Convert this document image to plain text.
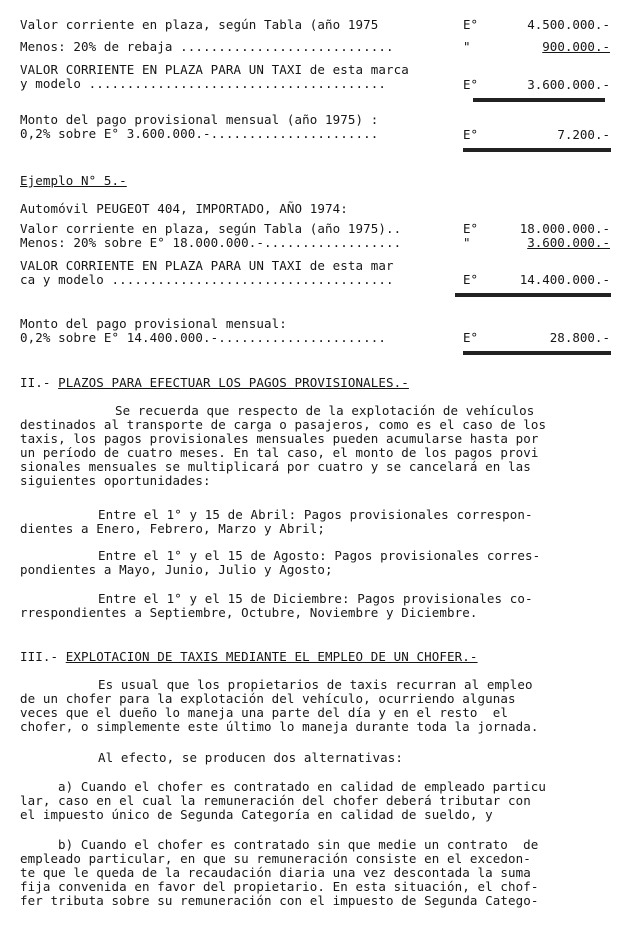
Valor corriente en plaza, según Tabla (año 1975	E°	4.500.000.-
Menos: 20% de rebaja ............................	"	900.000.-
VALOR CORRIENTE EN PLAZA PARA UN TAXI de esta marca
y modelo .......................................	E°	3.600.000.-
Monto del pago provisional mensual (año 1975) :
0,2% sobre E° 3.600.000.-......................	E°	7.200.-
Ejemplo N° 5.-
Automóvil PEUGEOT 404, IMPORTADO, AÑO 1974:
Valor corriente en plaza, según Tabla (año 1975)..	E°	18.000.000.-
Menos: 20% sobre E° 18.000.000.-..................	"	3.600.000.-
VALOR CORRIENTE EN PLAZA PARA UN TAXI de esta mar
ca y modelo .....................................	E°	14.400.000.-
Monto del pago provisional mensual:
0,2% sobre E° 14.400.000.-......................	E°	28.800.-
II.- PLAZOS PARA EFECTUAR LOS PAGOS PROVISIONALES.-
Se recuerda que respecto de la explotación de vehículos
destinados al transporte de carga o pasajeros, como es el caso de los
taxis, los pagos provisionales mensuales pueden acumularse hasta por
un período de cuatro meses. En tal caso, el monto de los pagos provi
sionales mensuales se multiplicará por cuatro y se cancelará en las
siguientes oportunidades:
Entre el 1° y 15 de Abril: Pagos provisionales correspon-
dientes a Enero, Febrero, Marzo y Abril;
Entre el 1° y el 15 de Agosto: Pagos provisionales corres-
pondientes a Mayo, Junio, Julio y Agosto;
Entre el 1° y el 15 de Diciembre: Pagos provisionales co-
rrespondientes a Septiembre, Octubre, Noviembre y Diciembre.
III.- EXPLOTACION DE TAXIS MEDIANTE EL EMPLEO DE UN CHOFER.-
Es usual que los propietarios de taxis recurran al empleo
de un chofer para la explotación del vehículo, ocurriendo algunas
veces que el dueño lo maneja una parte del día y en el resto  el
chofer, o simplemente este último lo maneja durante toda la jornada.
Al efecto, se producen dos alternativas:
a) Cuando el chofer es contratado en calidad de empleado particu
lar, caso en el cual la remuneración del chofer deberá tributar con
el impuesto único de Segunda Categoría en calidad de sueldo, y
b) Cuando el chofer es contratado sin que medie un contrato  de
empleado particular, en que su remuneración consiste en el excedon-
te que le queda de la recaudación diaria una vez descontada la suma
fija convenida en favor del propietario. En esta situación, el chof-
fer tributa sobre su remuneración con el impuesto de Segunda Catego-
